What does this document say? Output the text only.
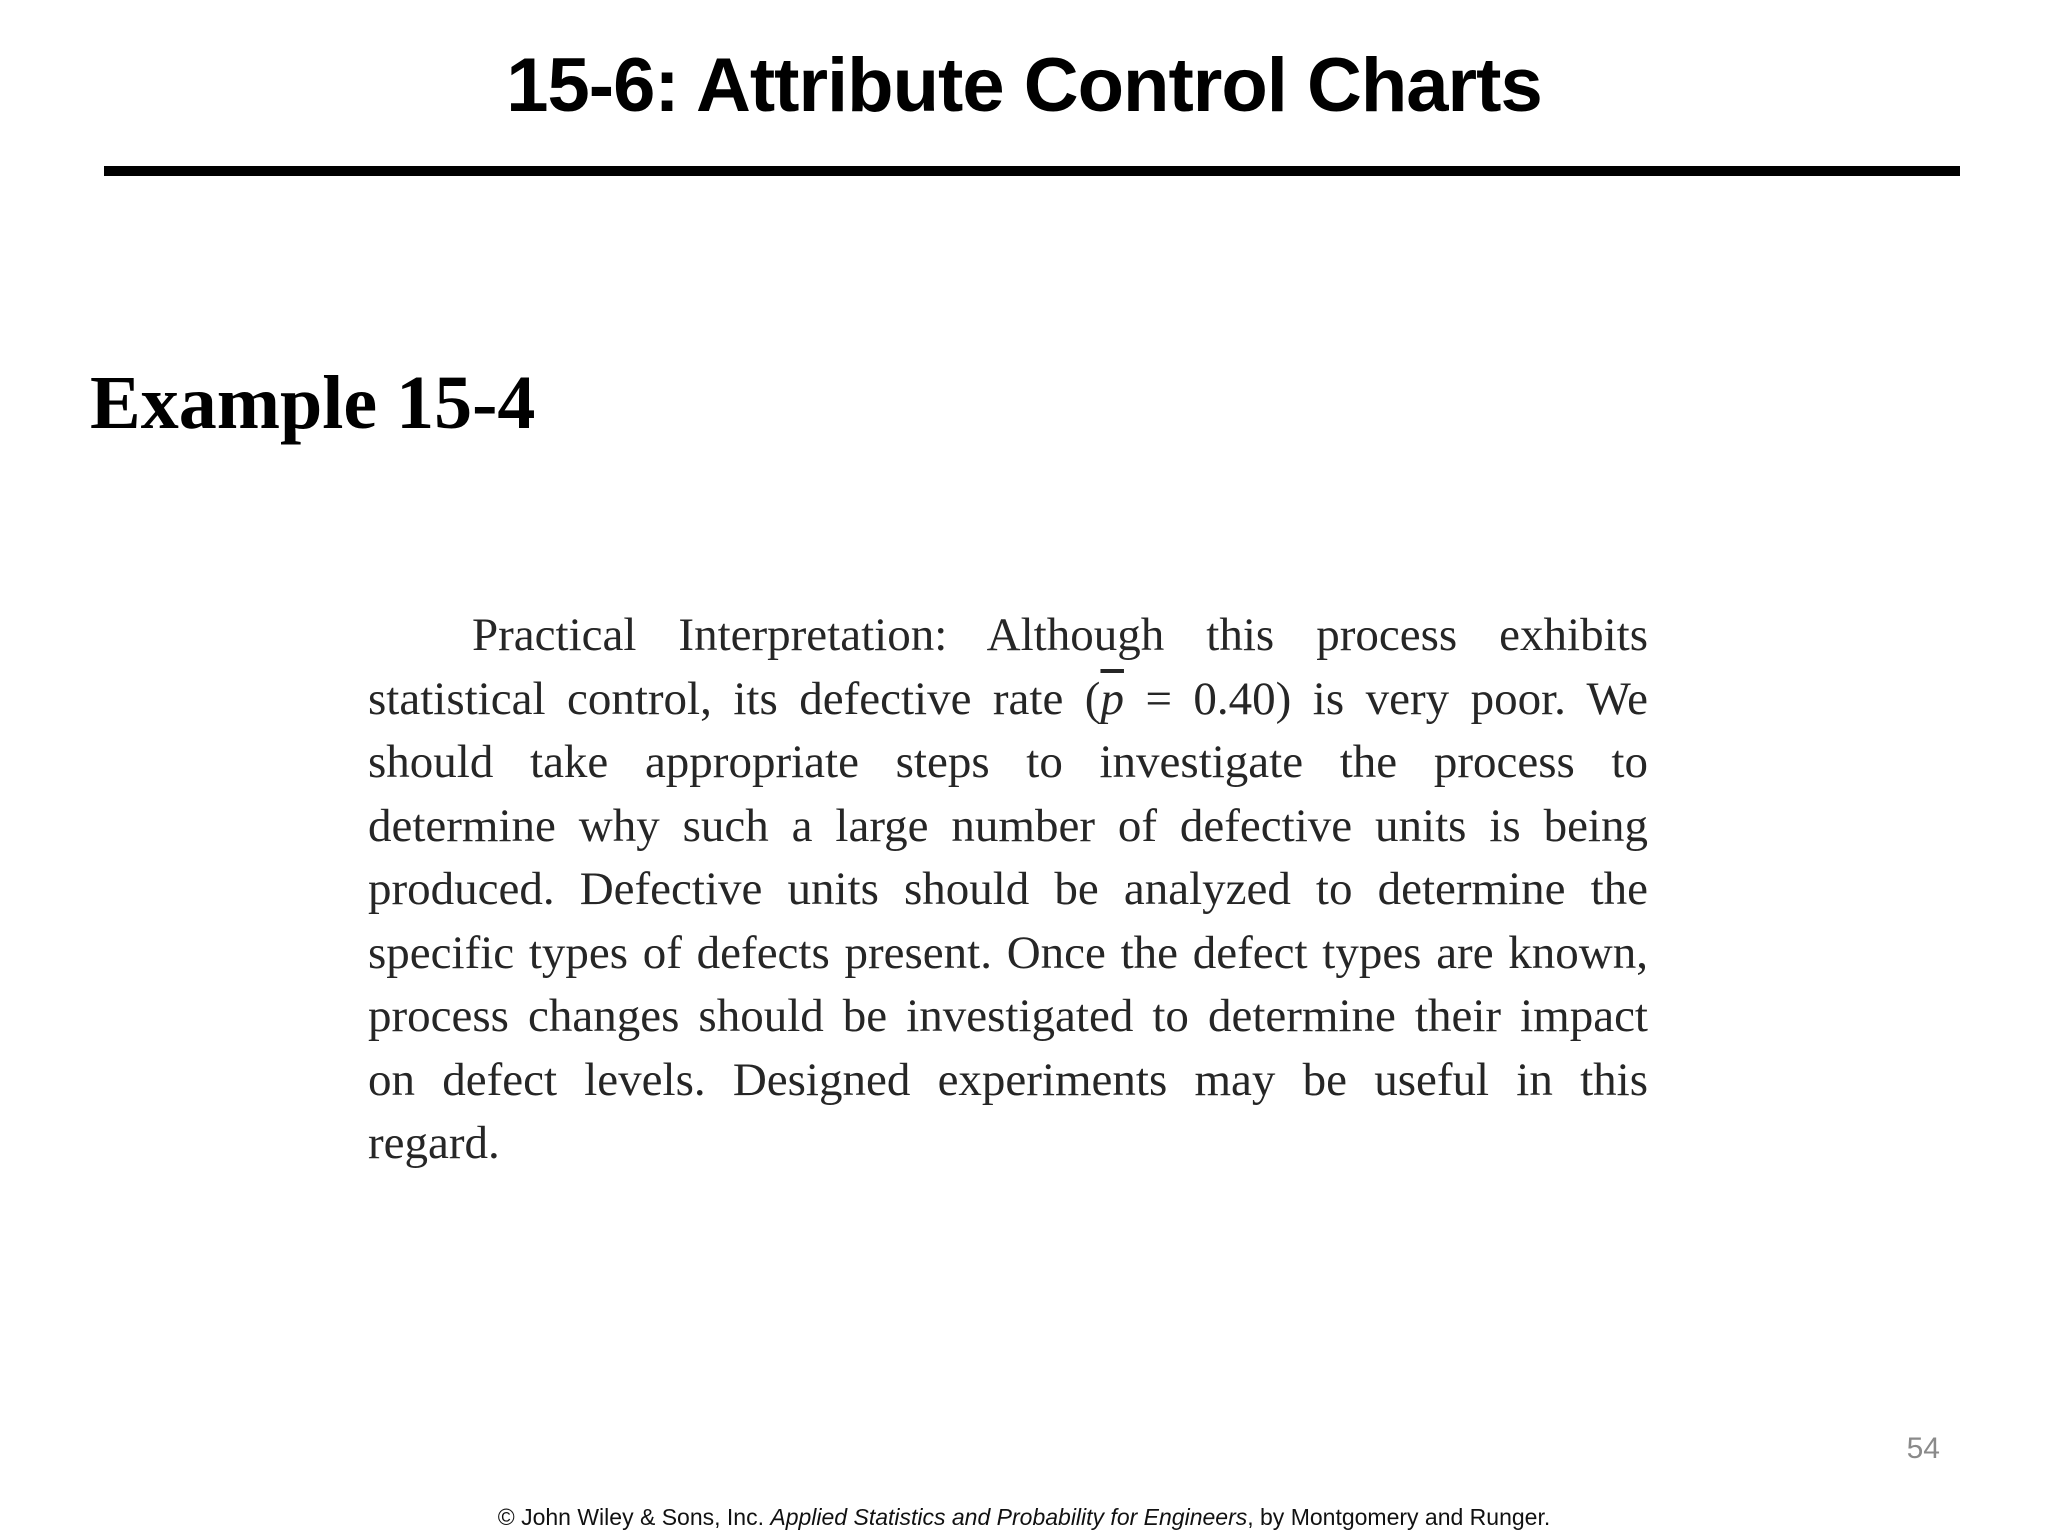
15-6: Attribute Control Charts
Example 15-4

Practical Interpretation: Although this process exhibits statistical control, its defective rate $(\overline{p} = 0.40)$ is very poor. We should take appropriate steps to investigate the process to determine why such a large number of defective units is being produced. Defective units should be analyzed to determine the specific types of defects present. Once the defect types are known, process changes should be investigated to determine their impact on defect levels. Designed experiments may be useful in this regard.

54
© John Wiley & Sons, Inc. Applied Statistics and Probability for Engineers, by Montgomery and Runger.
